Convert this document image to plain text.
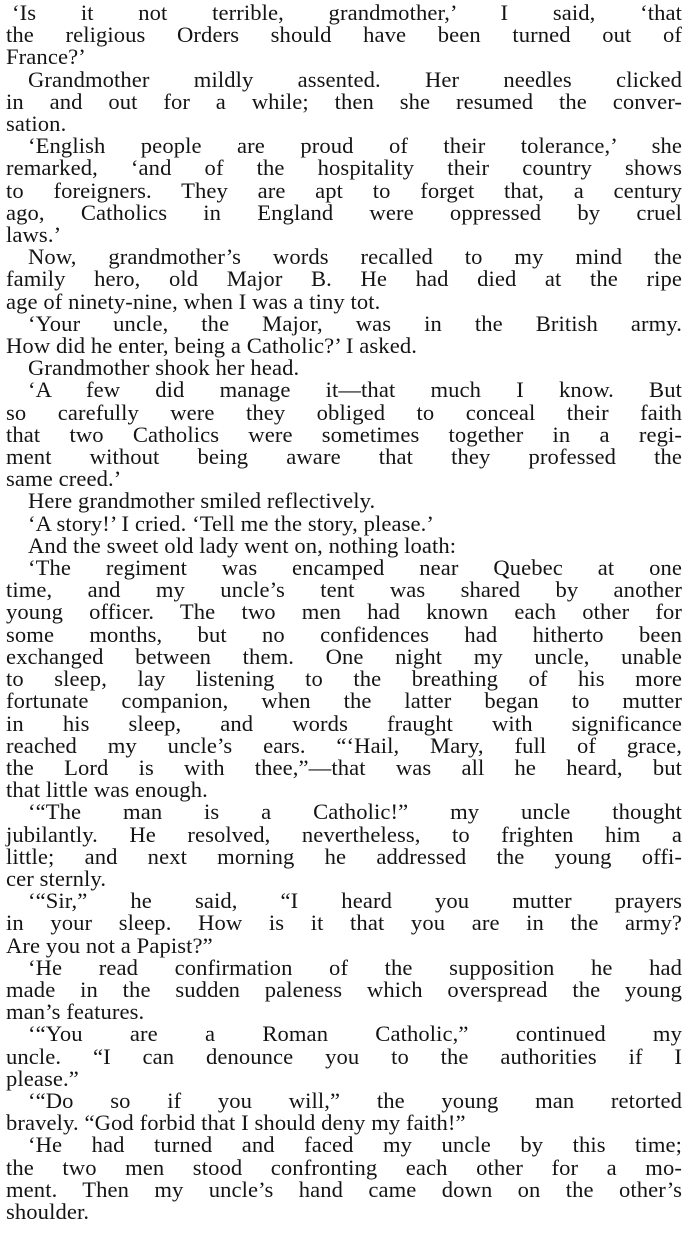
‘Is it not terrible, grandmother,’ I said, ‘that
the religious Orders should have been turned out of
France?’
Grandmother mildly assented. Her needles clicked
in and out for a while; then she resumed the conver-
sation.
‘English people are proud of their tolerance,’ she
remarked, ‘and of the hospitality their country shows
to foreigners. They are apt to forget that, a century
ago, Catholics in England were oppressed by cruel
laws.’
Now, grandmother’s words recalled to my mind the
family hero, old Major B. He had died at the ripe
age of ninety-nine, when I was a tiny tot.
‘Your uncle, the Major, was in the British army.
How did he enter, being a Catholic?’ I asked.
Grandmother shook her head.
‘A few did manage it—that much I know. But
so carefully were they obliged to conceal their faith
that two Catholics were sometimes together in a regi-
ment without being aware that they professed the
same creed.’
Here grandmother smiled reflectively.
‘A story!’ I cried. ‘Tell me the story, please.’
And the sweet old lady went on, nothing loath:
‘The regiment was encamped near Quebec at one
time, and my uncle’s tent was shared by another
young officer. The two men had known each other for
some months, but no confidences had hitherto been
exchanged between them. One night my uncle, unable
to sleep, lay listening to the breathing of his more
fortunate companion, when the latter began to mutter
in his sleep, and words fraught with significance
reached my uncle’s ears. “‘Hail, Mary, full of grace,
the Lord is with thee,”—that was all he heard, but
that little was enough.
‘“The man is a Catholic!” my uncle thought
jubilantly. He resolved, nevertheless, to frighten him a
little; and next morning he addressed the young offi-
cer sternly.
‘“Sir,” he said, “I heard you mutter prayers
in your sleep. How is it that you are in the army?
Are you not a Papist?”
‘He read confirmation of the supposition he had
made in the sudden paleness which overspread the young
man’s features.
‘“You are a Roman Catholic,” continued my
uncle. “I can denounce you to the authorities if I
please.”
‘“Do so if you will,” the young man retorted
bravely. “God forbid that I should deny my faith!”
‘He had turned and faced my uncle by this time;
the two men stood confronting each other for a mo-
ment. Then my uncle’s hand came down on the other’s
shoulder.
